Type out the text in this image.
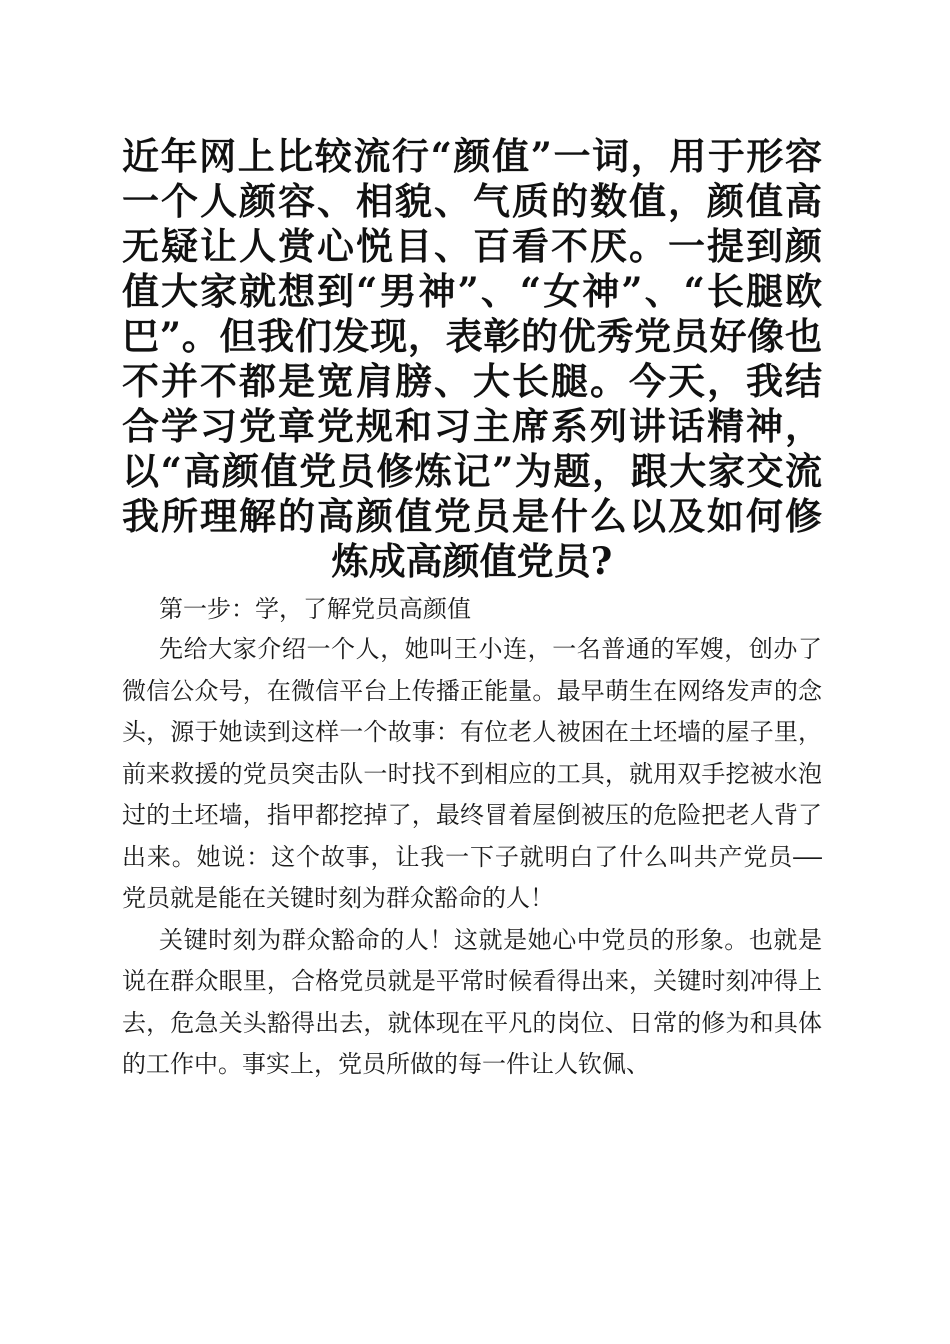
近年网上比较流行“颜值”一词，用于形容一个人颜容、相貌、气质的数值，颜值高无疑让人赏心悦目、百看不厌。一提到颜值大家就想到“男神”、“女神”、“长腿欧巴”。但我们发现，表彰的优秀党员好像也不并不都是宽肩膀、大长腿。今天，我结合学习党章党规和习主席系列讲话精神，以“高颜值党员修炼记”为题，跟大家交流我所理解的高颜值党员是什么以及如何修炼成高颜值党员?

第一步：学，了解党员高颜值

先给大家介绍一个人，她叫王小连，一名普通的军嫂，创办了微信公众号，在微信平台上传播正能量。最早萌生在网络发声的念头，源于她读到这样一个故事：有位老人被困在土坯墙的屋子里，前来救援的党员突击队一时找不到相应的工具，就用双手挖被水泡过的土坯墙，指甲都挖掉了，最终冒着屋倒被压的危险把老人背了出来。她说：这个故事，让我一下子就明白了什么叫共产党员——党员就是能在关键时刻为群众豁命的人！

关键时刻为群众豁命的人！这就是她心中党员的形象。也就是说在群众眼里，合格党员就是平常时候看得出来，关键时刻冲得上去，危急关头豁得出去，就体现在平凡的岗位、日常的修为和具体的工作中。事实上，党员所做的每一件让人钦佩、
